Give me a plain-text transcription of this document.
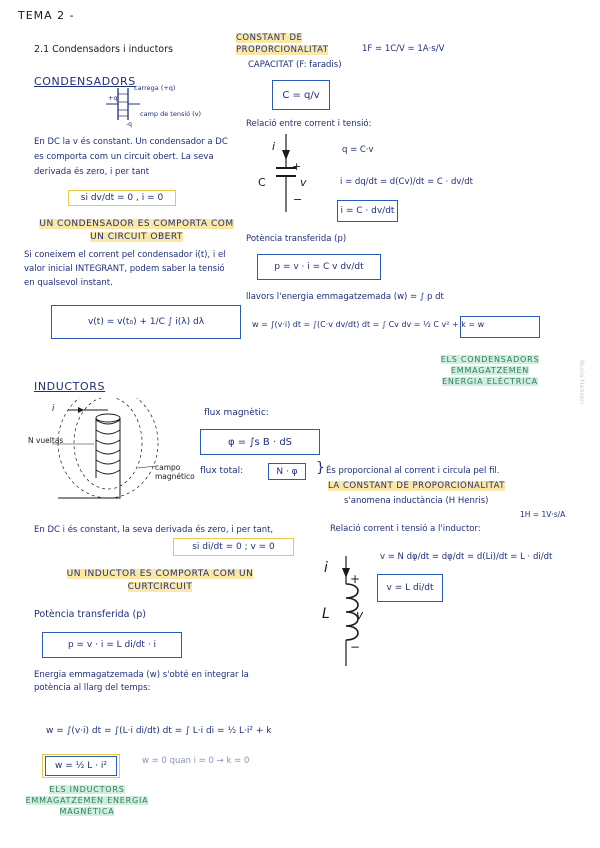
TEMA 2 -
2.1 Condensadors i inductors
CONDENSADORS
+q
carrega (+q)
camp de tensió (v)
-q
En DC la v és constant. Un condensador a DC es comporta com un circuit obert. La seva derivada és zero, i per tant
si dv/dt = 0 , i = 0
UN CONDENSADOR ES COMPORTA COM UN CIRCUIT OBERT
Si coneixem el corrent pel condensador i(t), i el valor inicial INTEGRANT, podem saber la tensió en qualsevol instant.
v(t) = v(t₀) + 1/C ∫ i(λ) dλ
CONSTANT DE PROPORCIONALITAT	1F = 1C/V = 1A·s/V
CAPACITAT (F: faradis)
C = q/v
Relació entre corrent i tensió:
i
C
+
v
−
q = C·v
i = dq/dt = d(Cv)/dt = C · dv/dt
i = C · dv/dt
Potència transferida (p)
p = v · i = C v dv/dt
llavors l'energia emmagatzemada (w) = ∫ p dt
w = ∫(v·i) dt = ∫(C·v dv/dt) dt = ∫ Cv dv = ½ C v² + k = w
ELS CONDENSADORS EMMAGATZEMEN ENERGIA ELÈCTRICA	Nuria Hansen
INDUCTORS
i
N vueltas
campo magnético
flux magnètic:
φ = ∫s B · dS
flux total:	N · φ	} És proporcional al corrent i circula pel fil.
LA CONSTANT DE PROPORCIONALITAT
s'anomena inductància (H Henris)
1H = 1V·s/A
En DC i és constant, la seva derivada és zero, i per tant,
si di/dt = 0 ; v = 0
UN INDUCTOR ES COMPORTA COM UN CURTCIRCUIT
Relació corrent i tensió a l'inductor:
i
+
L v
−
v = N dφ/dt = dφ/dt = d(Li)/dt = L · di/dt
v = L di/dt
Potència transferida (p)
p = v · i = L di/dt · i
Energia emmagatzemada (w) s'obté en integrar la potència al llarg del temps:
w = ∫(v·i) dt = ∫(L·i di/dt) dt = ∫ L·i di = ½ L·i² + k
w = ½ L · i²	w = 0 quan i = 0 → k = 0
ELS INDUCTORS EMMAGATZEMEN ENERGIA MAGNÈTICA
